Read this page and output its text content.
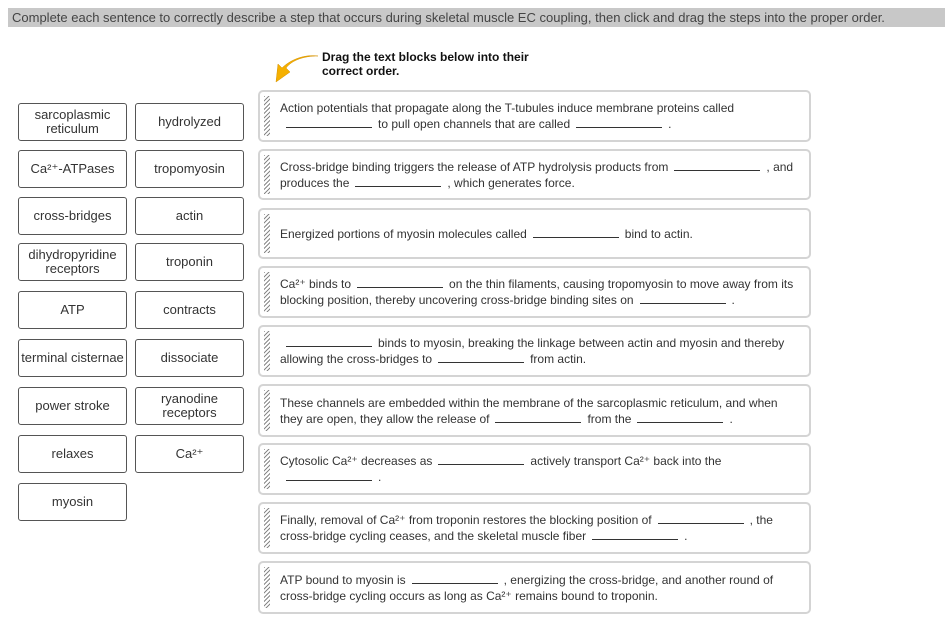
Complete each sentence to correctly describe a step that occurs during skeletal muscle EC coupling, then click and drag the steps into the proper order.
Drag the text blocks below into their correct order.
sarcoplasmic reticulum	hydrolyzed
Ca²⁺-ATPases	tropomyosin
cross-bridges	actin
dihydropyridine receptors	troponin
ATP	contracts
terminal cisternae	dissociate
power stroke	ryanodine receptors
relaxes	Ca²⁺
myosin
Action potentials that propagate along the T-tubules induce membrane proteins calledto pull open channels that are called	.
Cross-bridge binding triggers the release of ATP hydrolysis products from	, and produces the	, which generates force.
Energized portions of myosin molecules called	bind to actin.
Ca²⁺ binds to	on the thin filaments, causing tropomyosin to move away from its blocking position, thereby uncovering cross-bridge binding sites on	.
binds to myosin, breaking the linkage between actin and myosin and thereby allowing the cross-bridges to	from actin.
These channels are embedded within the membrane of the sarcoplasmic reticulum, and when they are open, they allow the release of	from the	.
Cytosolic Ca²⁺ decreases as	actively transport Ca²⁺ back into the.
Finally, removal of Ca²⁺ from troponin restores the blocking position of	, the cross-bridge cycling ceases, and the skeletal muscle fiber	.
ATP bound to myosin is	, energizing the cross-bridge, and another round of cross-bridge cycling occurs as long as Ca²⁺ remains bound to troponin.
